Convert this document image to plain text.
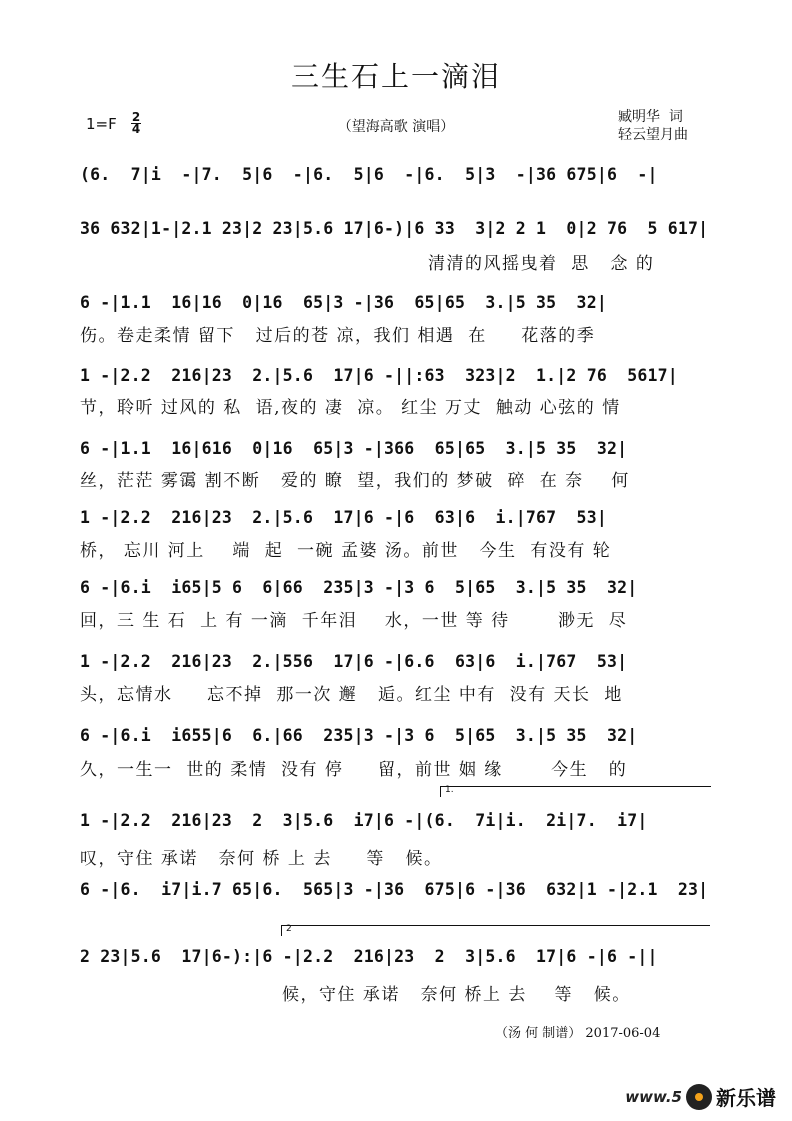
三生石上一滴泪
1=F 2
4	（望海高歌 演唱）
臧明华  词
轻云望月曲
(6.  7|i  -|7.  5|6  -|6.  5|6  -|6.  5|3  -|36 675|6  -|
36 632|1-|2.1 23|2 23|5.6 17|6-)|6 33  3|2 2 1  0|2 76  5 617|
清清的风摇曳着  思   念 的
6 -|1.1  16|16  0|16  65|3 -|36  65|65  3.|5 35  32|
伤。卷走柔情 留下   过后的苍 凉，我们 相遇  在     花落的季
1 -|2.2  216|23  2.|5.6  17|6 -||:63  323|2  1.|2 76  5617|
节，聆听 过风的 私  语,夜的 凄  凉。 红尘 万丈  触动 心弦的 情
6 -|1.1  16|616  0|16  65|3 -|366  65|65  3.|5 35  32|
丝，茫茫 雾霭 割不断   爱的 瞭  望，我们的 梦破  碎  在 奈    何
1 -|2.2  216|23  2.|5.6  17|6 -|6  63|6  i.|767  53|
桥， 忘川 河上    端  起  一碗 孟婆 汤。前世   今生  有没有 轮
6 -|6.i  i65|5 6  6|66  235|3 -|3 6  5|65  3.|5 35  32|
回，三 生 石  上 有 一滴  千年泪    水，一世 等 待       渺无  尽
1 -|2.2  216|23  2.|556  17|6 -|6.6  63|6  i.|767  53|
头，忘情水     忘不掉  那一次 邂   逅。红尘 中有  没有 天长  地
6 -|6.i  i655|6  6.|66  235|3 -|3 6  5|65  3.|5 35  32|
久，一生一  世的 柔情  没有 停     留，前世 姻 缘       今生   的
1 -|2.2  216|23  2  3|5.6  i7|6 -|(6.  7i|i.  2i|7.  i7|
叹，守住 承诺   奈何 桥 上 去     等   候。
6 -|6.  i7|i.7 65|6.  565|3 -|36  675|6 -|36  632|1 -|2.1  23|
2 23|5.6  17|6-):|6 -|2.2  216|23  2  3|5.6  17|6 -|6 -||
候，守住 承诺   奈何 桥上 去    等   候。
1.
2
（汤 何 制谱） 2017-06-04
www.5 新乐谱
